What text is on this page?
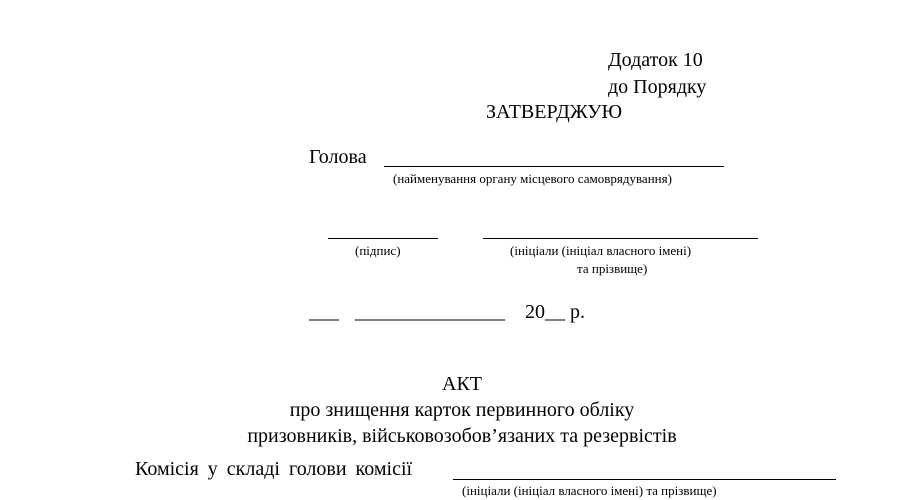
Додаток 10
до Порядку
ЗАТВЕРДЖУЮ
Голова
(найменування органу місцевого самоврядування)
(підпис)	(ініціали (ініціал власного імені)
та прізвище)
___ _______________ 20__ р.
АКТ
про знищення карток первинного обліку
призовників, військовозобов’язаних та резервістів
Комісія у складі голови комісії
(ініціали (ініціал власного імені) та прізвище)
